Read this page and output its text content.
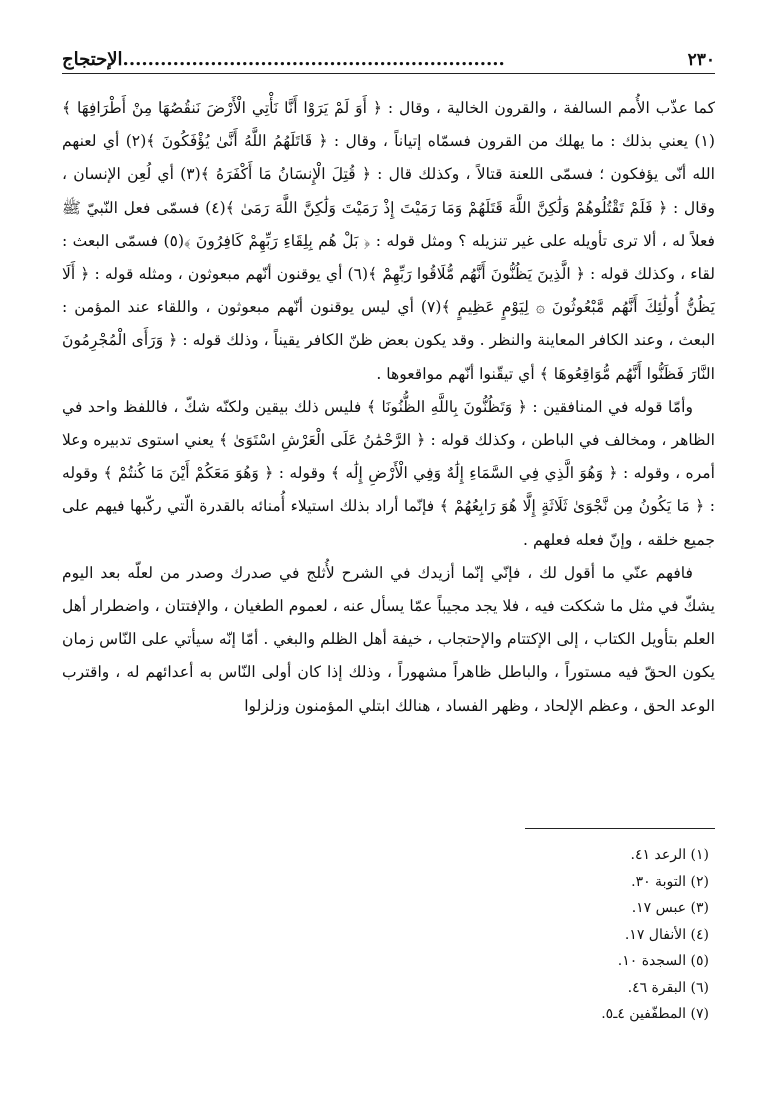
٢٣٠
.............................................................الإحتجاج

كما عذّب الأُمم السالفة ، والقرون الخالية ، وقال : ﴿ أَوَ لَمْ يَرَوْا أَنَّا نَأْتِي الْأَرْضَ نَنقُصُهَا مِنْ أَطْرَافِهَا ﴾(١) يعني بذلك : ما يهلك من القرون فسمّاه إتياناً ، وقال : ﴿ قَاتَلَهُمُ اللَّهُ أَنَّىٰ يُؤْفَكُونَ ﴾(٢) أي لعنهم الله أنّى يؤفكون ؛ فسمّى اللعنة قتالاً ، وكذلك قال : ﴿ قُتِلَ الْإِنسَانُ مَا أَكْفَرَهُ ﴾(٣) أي لُعِن الإنسان ، وقال : ﴿ فَلَمْ تَقْتُلُوهُمْ وَلَٰكِنَّ اللَّهَ قَتَلَهُمْ وَمَا رَمَيْتَ إِذْ رَمَيْتَ وَلَٰكِنَّ اللَّهَ رَمَىٰ ﴾(٤) فسمّى فعل النّبيّ ﷺ فعلاً له ، ألا ترى تأويله على غير تنزيله ؟ ومثل قوله : ﴿ بَلْ هُم بِلِقَاءِ رَبِّهِمْ كَافِرُونَ ﴾(٥) فسمّى البعث : لقاء ، وكذلك قوله : ﴿ الَّذِينَ يَظُنُّونَ أَنَّهُم مُّلَاقُوا رَبِّهِمْ ﴾(٦) أي يوقنون أنّهم مبعوثون ، ومثله قوله : ﴿ أَلَا يَظُنُّ أُولَٰئِكَ أَنَّهُم مَّبْعُوثُونَ ۞ لِيَوْمٍ عَظِيمٍ ﴾(٧) أي ليس يوقنون أنّهم مبعوثون ، واللقاء عند المؤمن : البعث ، وعند الكافر المعاينة والنظر . وقد يكون بعض ظنّ الكافر يقيناً ، وذلك قوله : ﴿ وَرَأَى الْمُجْرِمُونَ النَّارَ فَظَنُّوا أَنَّهُم مُّوَاقِعُوهَا ﴾ أي تيقّنوا أنّهم مواقعوها .

وأمّا قوله في المنافقين : ﴿ وَتَظُنُّونَ بِاللَّهِ الظُّنُونَا ﴾ فليس ذلك بيقين ولكنّه شكّ ، فاللفظ واحد في الظاهر ، ومخالف في الباطن ، وكذلك قوله : ﴿ الرَّحْمَٰنُ عَلَى الْعَرْشِ اسْتَوَىٰ ﴾ يعني استوى تدبيره وعلا أمره ، وقوله : ﴿ وَهُوَ الَّذِي فِي السَّمَاءِ إِلَٰهٌ وَفِي الْأَرْضِ إِلَٰه ﴾ وقوله : ﴿ وَهُوَ مَعَكُمْ أَيْنَ مَا كُنتُمْ ﴾ وقوله : ﴿ مَا يَكُونُ مِن نَّجْوَىٰ ثَلَاثَةٍ إِلَّا هُوَ رَابِعُهُمْ ﴾ فإنّما أراد بذلك استيلاء أُمنائه بالقدرة الّتي ركّبها فيهم على جميع خلقه ، وإنّ فعله فعلهم .

فافهم عنّي ما أقول لك ، فإنّي إنّما أزيدك في الشرح لأُثلج في صدرك وصدر من لعلّه بعد اليوم يشكّ في مثل ما شككت فيه ، فلا يجد مجيباً عمّا يسأل عنه ، لعموم الطغيان ، والإفتتان ، واضطرار أهل العلم بتأويل الكتاب ، إلى الإكتتام والإحتجاب ، خيفة أهل الظلم والبغي . أمّا إنّه سيأتي على النّاس زمان يكون الحقّ فيه مستوراً ، والباطل ظاهراً مشهوراً ، وذلك إذا كان أولى النّاس به أعدائهم له ، واقترب الوعد الحق ، وعظم الإلحاد ، وظهر الفساد ، هنالك ابتلي المؤمنون وزلزلوا

(١) الرعد ٤١.
(٢) التوبة ٣٠.
(٣) عبس ١٧.
(٤) الأنفال ١٧.
(٥) السجدة ١٠.
(٦) البقرة ٤٦.
(٧) المطفّفين ٤ـ٥.
